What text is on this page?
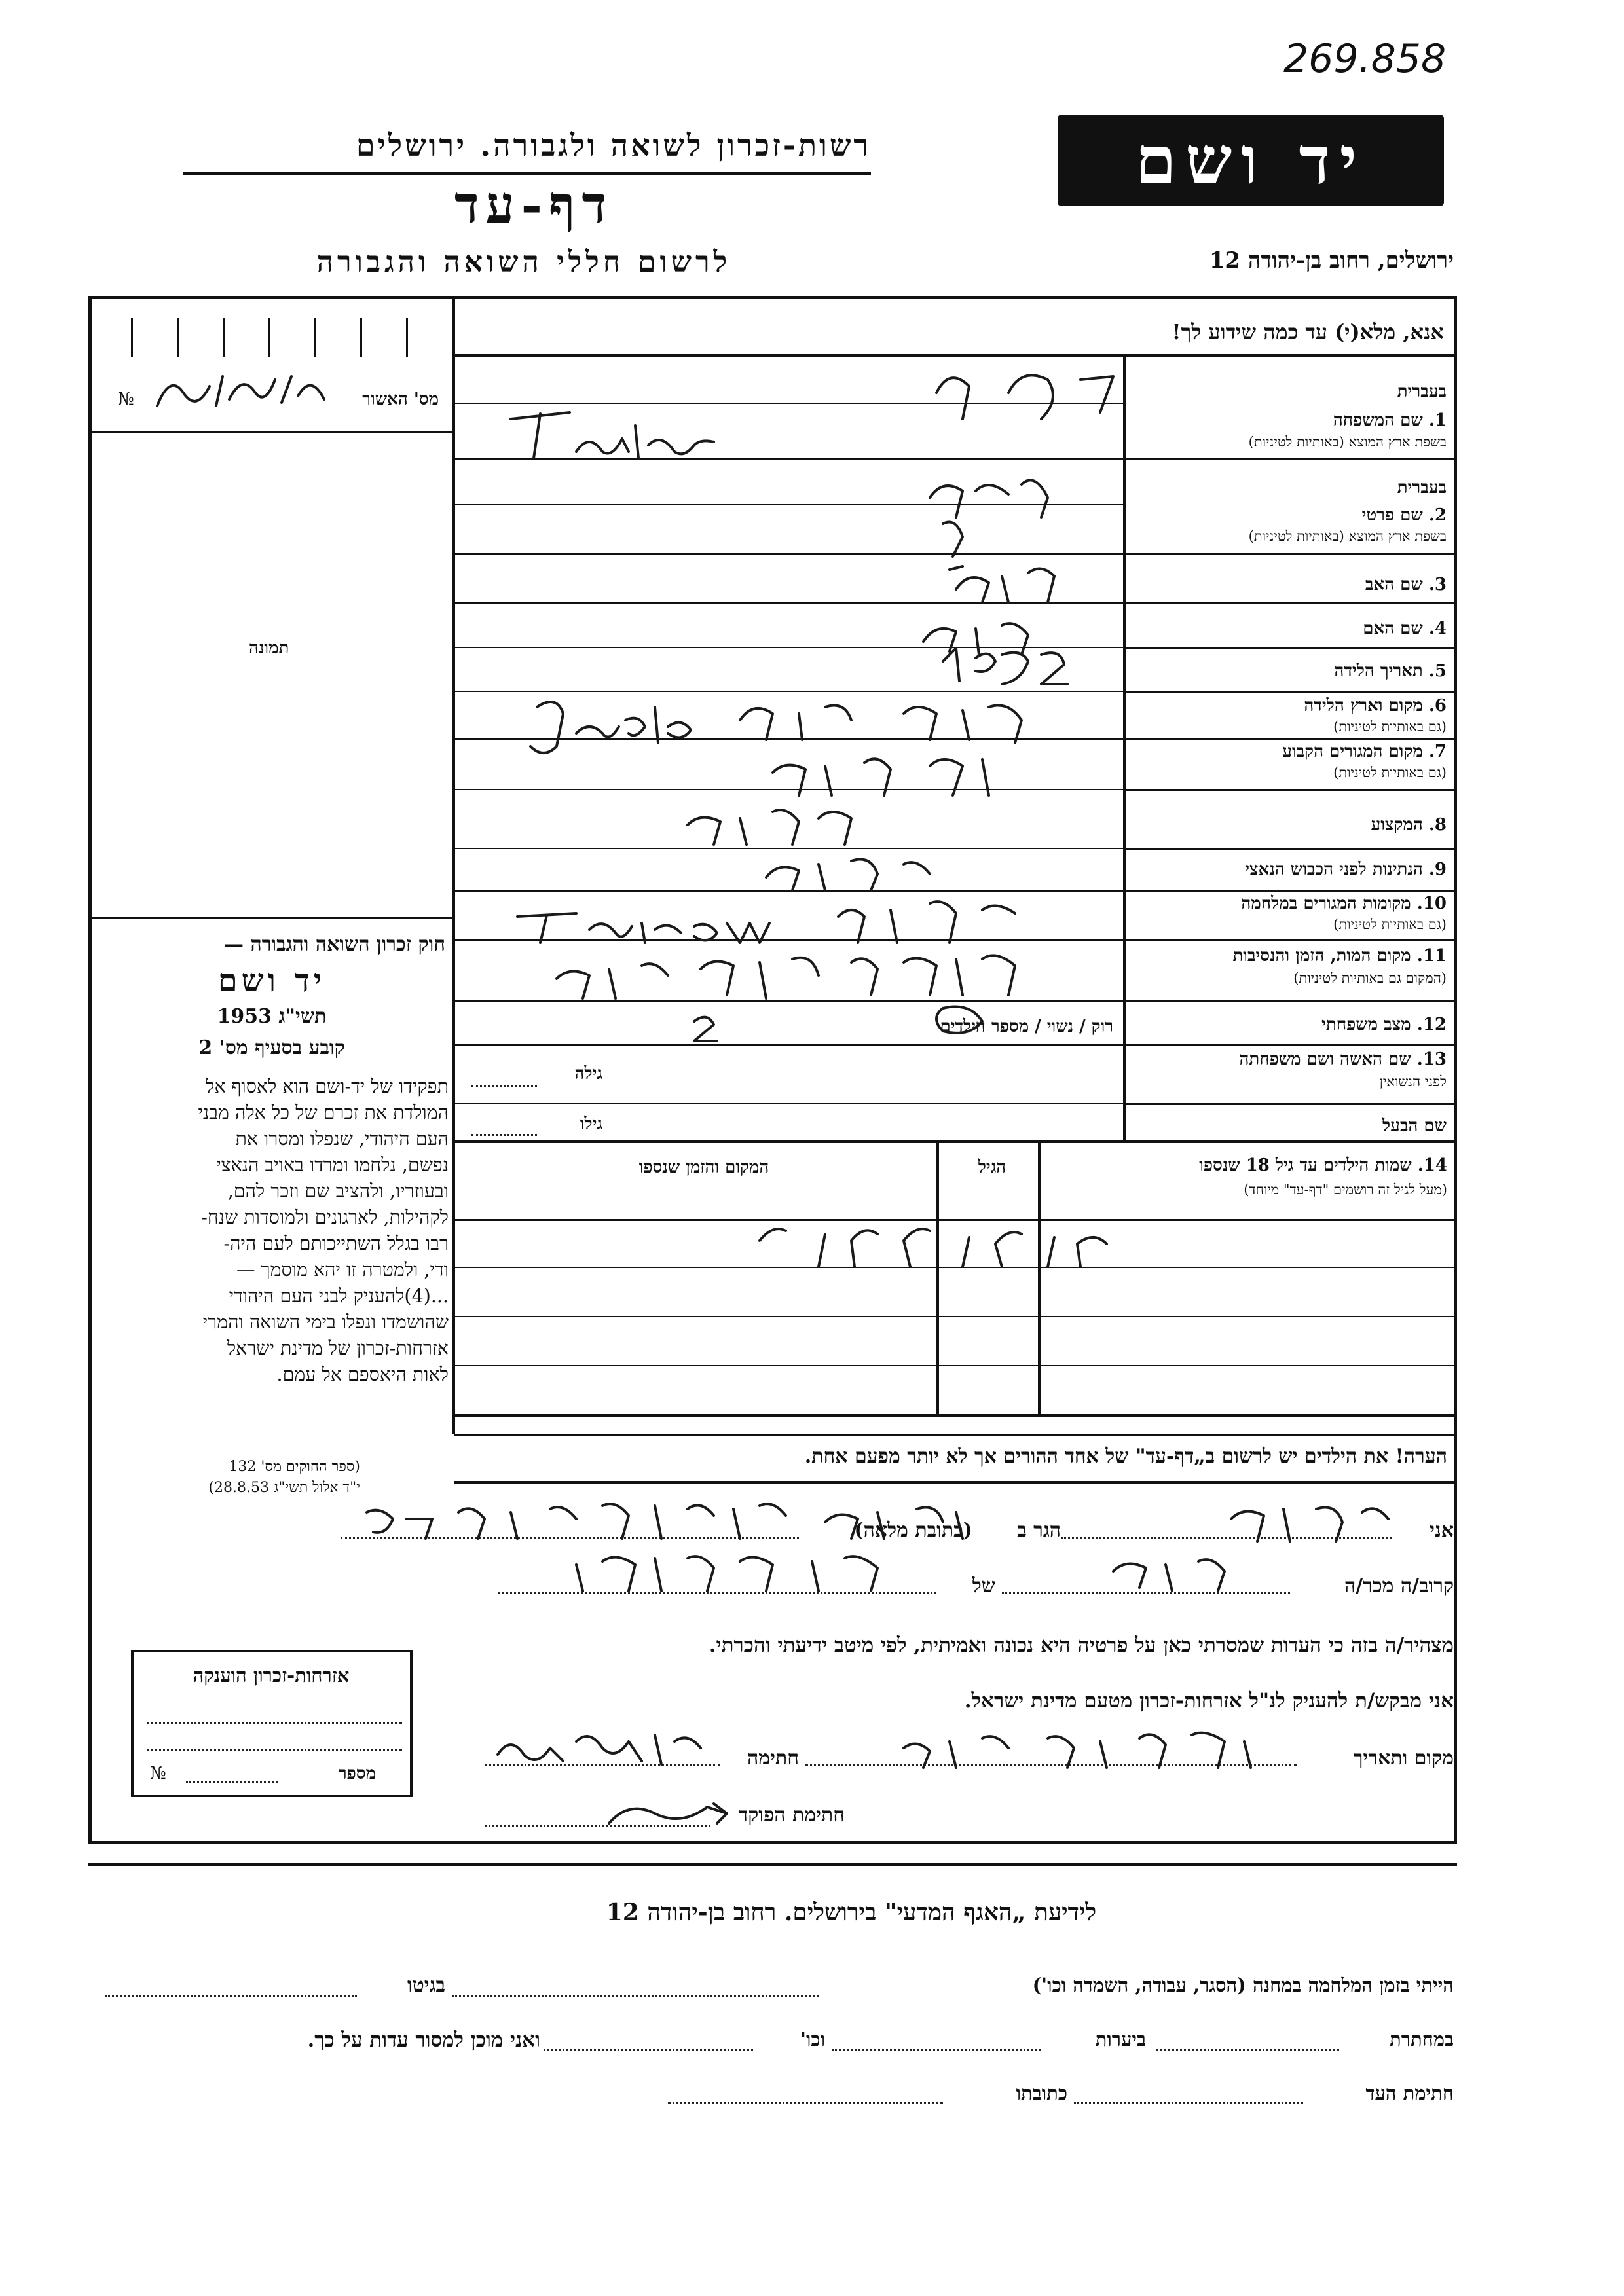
269.858
רשות-זכרון לשואה ולגבורה. ירושלים
דף-עד
לרשום חללי השואה והגבורה
יד ושם
ירושלים, רחוב בן-יהודה 12
מס' האשור
№
תמונה
חוק זכרון השואה והגבורה —
יד ושם
תשי"ג 1953
קובע בסעיף מס' 2
תפקידו של יד-ושם הוא לאסוף אל
המולדת את זכרם של כל אלה מבני
העם היהודי, שנפלו ומסרו את
נפשם, נלחמו ומרדו באויב הנאצי
ובעוזריו, ולהציב שם וזכר להם,
לקהילות, לארגונים ולמוסדות שנח-
רבו בגלל השתייכותם לעם היה-
ודי, ולמטרה זו יהא מוסמך —
...(4)להעניק לבני העם היהודי
שהושמדו ונפלו בימי השואה והמרי
אזרחות-זכרון של מדינת ישראל
לאות היאספם אל עמם.
(ספר החוקים מס' 132
י"ד אלול תשי"ג 28.8.53)
אנא, מלא(י) עד כמה שידוע לך!
בעברית
1. שם המשפחה
בשפת ארץ המוצא (באותיות לטיניות)
בעברית
2. שם פרטי
בשפת ארץ המוצא (באותיות לטיניות)
3. שם האב
4. שם האם
5. תאריך הלידה
6. מקום וארץ הלידה
(גם באותיות לטיניות)
7. מקום המגורים הקבוע
(גם באותיות לטיניות)
8. המקצוע
9. הנתינות לפני הכבוש הנאצי
10. מקומות המגורים במלחמה
(גם באותיות לטיניות)
11. מקום המות, הזמן והנסיבות
(המקום גם באותיות לטיניות)
12. מצב משפחתי
13. שם האשה ושם משפחתה
לפני הנשואין
שם הבעל
רוק / נשוי / מספר הילדים
גילה
גילו
14. שמות הילדים עד גיל 18 שנספו
(מעל לגיל זה רושמים "דף-עד" מיוחד)
הגיל
המקום והזמן שנספו
הערה! את הילדים יש לרשום ב„דף-עד" של אחד ההורים אך לא יותר מפעם אחת.
אני
הגר ב
(כתובת מלאה)
קרוב/ה מכר/ה
של
מצהיר/ה בזה כי העדות שמסרתי כאן על פרטיה היא נכונה ואמיתית, לפי מיטב ידיעתי והכרתי.
אני מבקש/ת להעניק לנ"ל אזרחות-זכרון מטעם מדינת ישראל.
מקום ותאריך
חתימה
חתימת הפוקד
אזרחות-זכרון הוענקה
מספר
№
לידיעת „האגף המדעי" בירושלים. רחוב בן-יהודה 12
הייתי בזמן המלחמה במחנה (הסגר, עבודה, השמדה וכו')
בגיטו
במחתרת
ביערות
וכו'
ואני מוכן למסור עדות על כך.
חתימת העד
כתובתו
